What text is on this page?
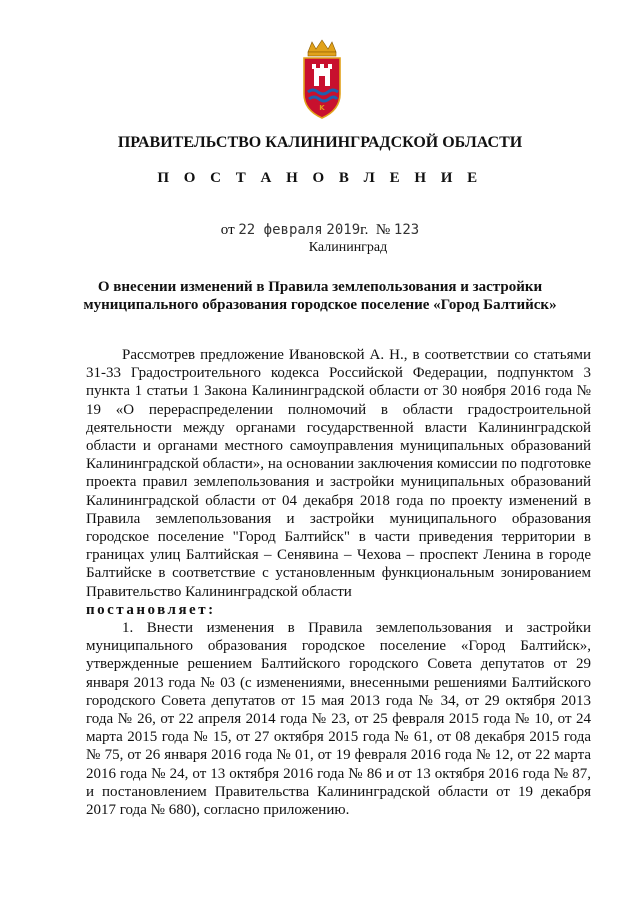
K
ПРАВИТЕЛЬСТВО КАЛИНИНГРАДСКОЙ ОБЛАСТИ
П О С Т А Н О В Л Е Н И Е
от 22 февраля 2019г. № 123
Калининград
О внесении изменений в Правила землепользования и застройки
муниципального образования городское поселение «Город Балтийск»

Рассмотрев предложение Ивановской А. Н., в соответствии со статьями 31-33 Градостроительного кодекса Российской Федерации, подпунктом 3 пункта 1 статьи 1 Закона Калининградской области от 30 ноября 2016 года № 19 «О перераспределении полномочий в области градостроительной деятельности между органами государственной власти Калининградской области и органами местного самоуправления муниципальных образований Калининградской области», на основании заключения комиссии по подготовке проекта правил землепользования и застройки муниципальных образований Калининградской области от 04 декабря 2018 года по проекту изменений в Правила землепользования и застройки муниципального образования городское поселение "Город Балтийск" в части приведения территории в границах улиц Балтийская – Сенявина – Чехова – проспект Ленина в городе Балтийске в соответствие с установленным функциональным зонированием Правительство Калининградской области

постановляет:

1. Внести изменения в Правила землепользования и застройки муниципального образования городское поселение «Город Балтийск», утвержденные решением Балтийского городского Совета депутатов от 29 января 2013 года № 03 (с изменениями, внесенными решениями Балтийского городского Совета депутатов от 15 мая 2013 года № 34, от 29 октября 2013 года № 26, от 22 апреля 2014 года № 23, от 25 февраля 2015 года № 10, от 24 марта 2015 года № 15, от 27 октября 2015 года № 61, от 08 декабря 2015 года № 75, от 26 января 2016 года № 01, от 19 февраля 2016 года № 12, от 22 марта 2016 года № 24, от 13 октября 2016 года № 86 и от 13 октября 2016 года № 87, и постановлением Правительства Калининградской области от 19 декабря 2017 года № 680), согласно приложению.
